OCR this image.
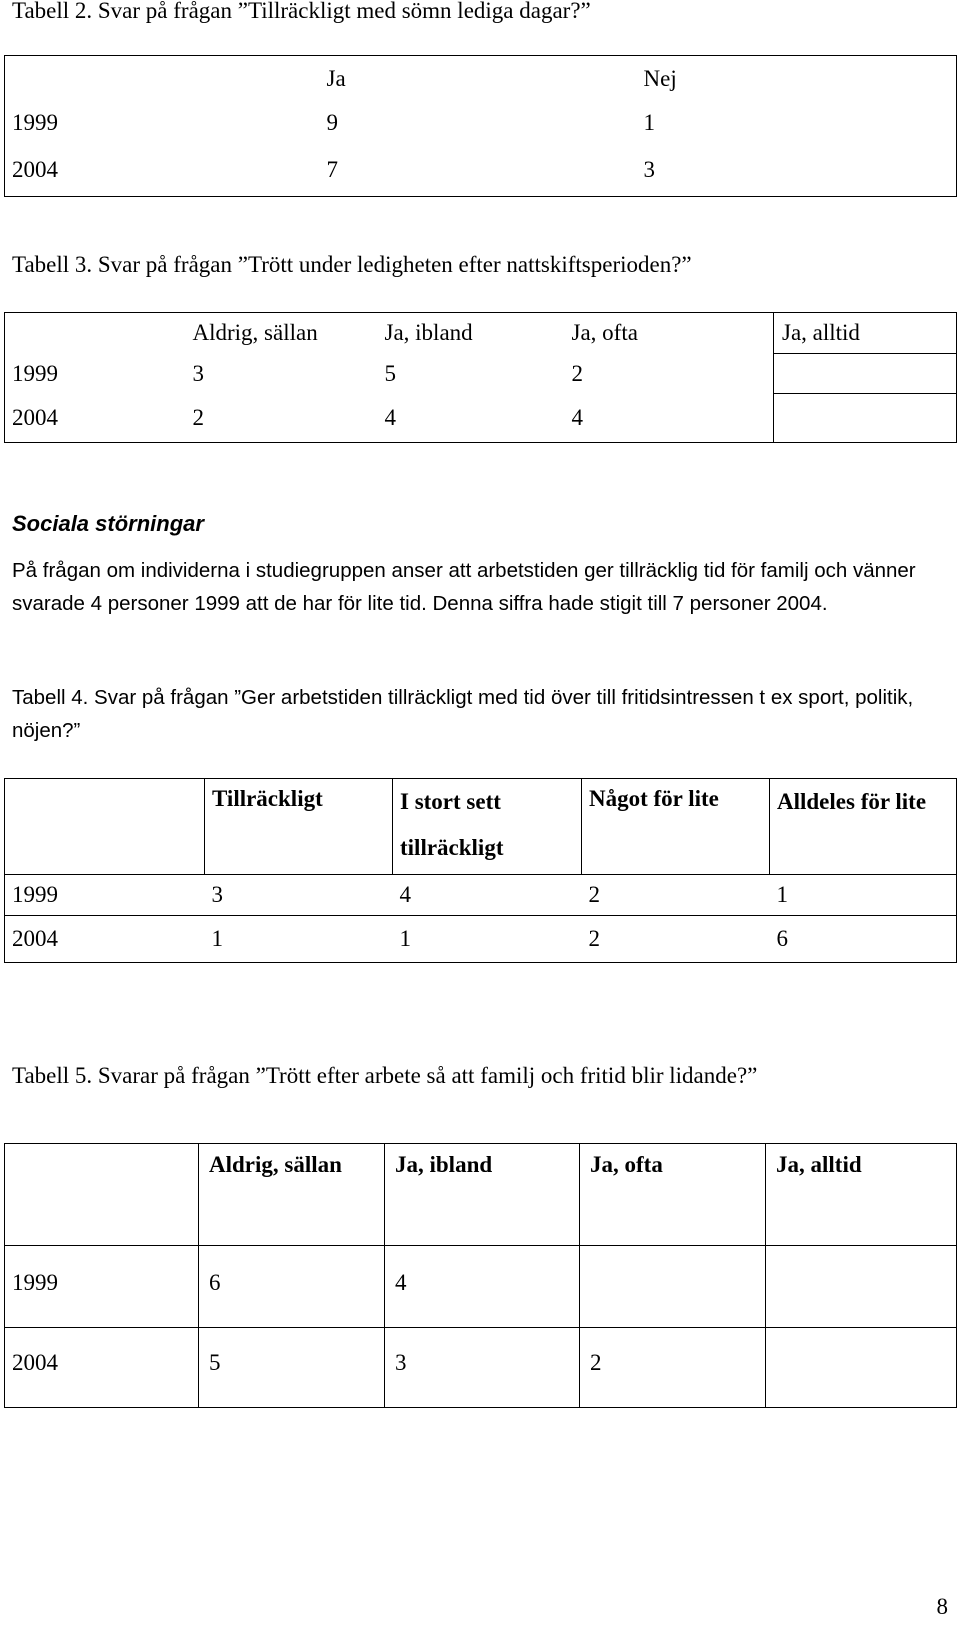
Tabell 2. Svar på frågan ”Tillräckligt med sömn lediga dagar?”
	Ja	Nej
1999	9	1
2004	7	3
Tabell 3. Svar på frågan ”Trött under ledigheten efter nattskiftsperioden?”
	Aldrig, sällan	Ja, ibland	Ja, ofta	Ja, alltid
1999	3	5	2	
2004	2	4	4	
Sociala störningar

På frågan om individerna i studiegruppen anser att arbetstiden ger tillräcklig tid för familj och vänner svarade 4 personer 1999 att de har för lite tid. Denna siffra hade stigit till 7 personer 2004.

Tabell 4. Svar på frågan ”Ger arbetstiden tillräckligt med tid över till fritidsintressen t ex sport, politik, nöjen?”

	Tillräckligt	I stort sett tillräckligt	Något för lite	Alldeles för lite
1999	3	4	2	1
2004	1	1	2	6
Tabell 5. Svarar på frågan ”Trött efter arbete så att familj och fritid blir lidande?”
	Aldrig, sällan	Ja, ibland	Ja, ofta	Ja, alltid
1999	6	4		
2004	5	3	2	
8
